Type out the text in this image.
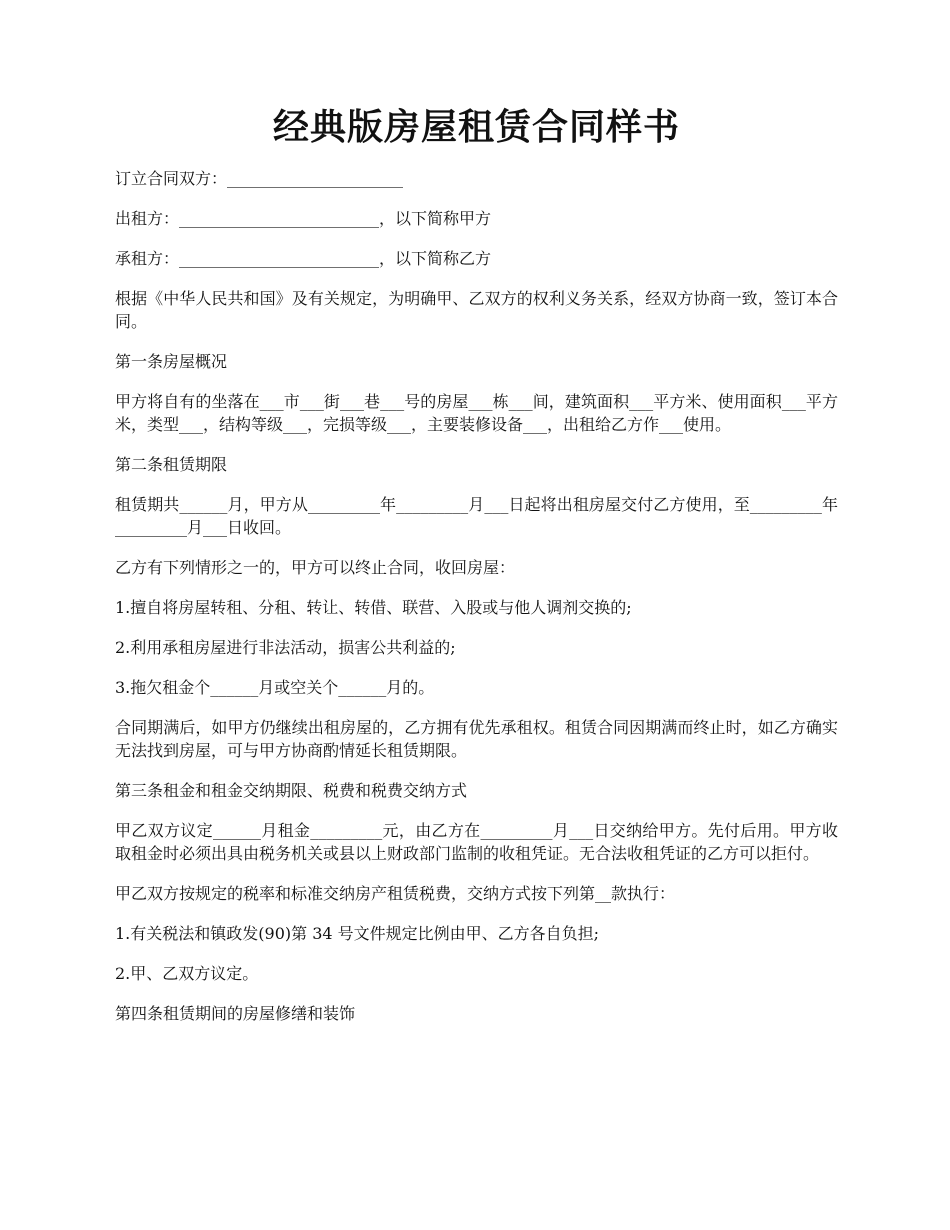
经典版房屋租赁合同样书

订立合同双方：______________________

出租方：_________________________，以下简称甲方

承租方：_________________________，以下简称乙方

根据《中华人民共和国》及有关规定，为明确甲、乙双方的权利义务关系，经双方协商一致，签订本合同。

第一条房屋概况

甲方将自有的坐落在___市___街___巷___号的房屋___栋___间，建筑面积___平方米、使用面积___平方米，类型___，结构等级___，完损等级___，主要装修设备___，出租给乙方作___使用。

第二条租赁期限

租赁期共______月，甲方从_________年_________月___日起将出租房屋交付乙方使用，至_________年_________月___日收回。

乙方有下列情形之一的，甲方可以终止合同，收回房屋：

1.擅自将房屋转租、分租、转让、转借、联营、入股或与他人调剂交换的;

2.利用承租房屋进行非法活动，损害公共利益的;

3.拖欠租金个______月或空关个______月的。

合同期满后，如甲方仍继续出租房屋的，乙方拥有优先承租权。租赁合同因期满而终止时，如乙方确实无法找到房屋，可与甲方协商酌情延长租赁期限。

第三条租金和租金交纳期限、税费和税费交纳方式

甲乙双方议定______月租金_________元，由乙方在_________月___日交纳给甲方。先付后用。甲方收取租金时必须出具由税务机关或县以上财政部门监制的收租凭证。无合法收租凭证的乙方可以拒付。

甲乙双方按规定的税率和标准交纳房产租赁税费，交纳方式按下列第__款执行：

1.有关税法和镇政发(90)第 34 号文件规定比例由甲、乙方各自负担;

2.甲、乙双方议定。

第四条租赁期间的房屋修缮和装饰
